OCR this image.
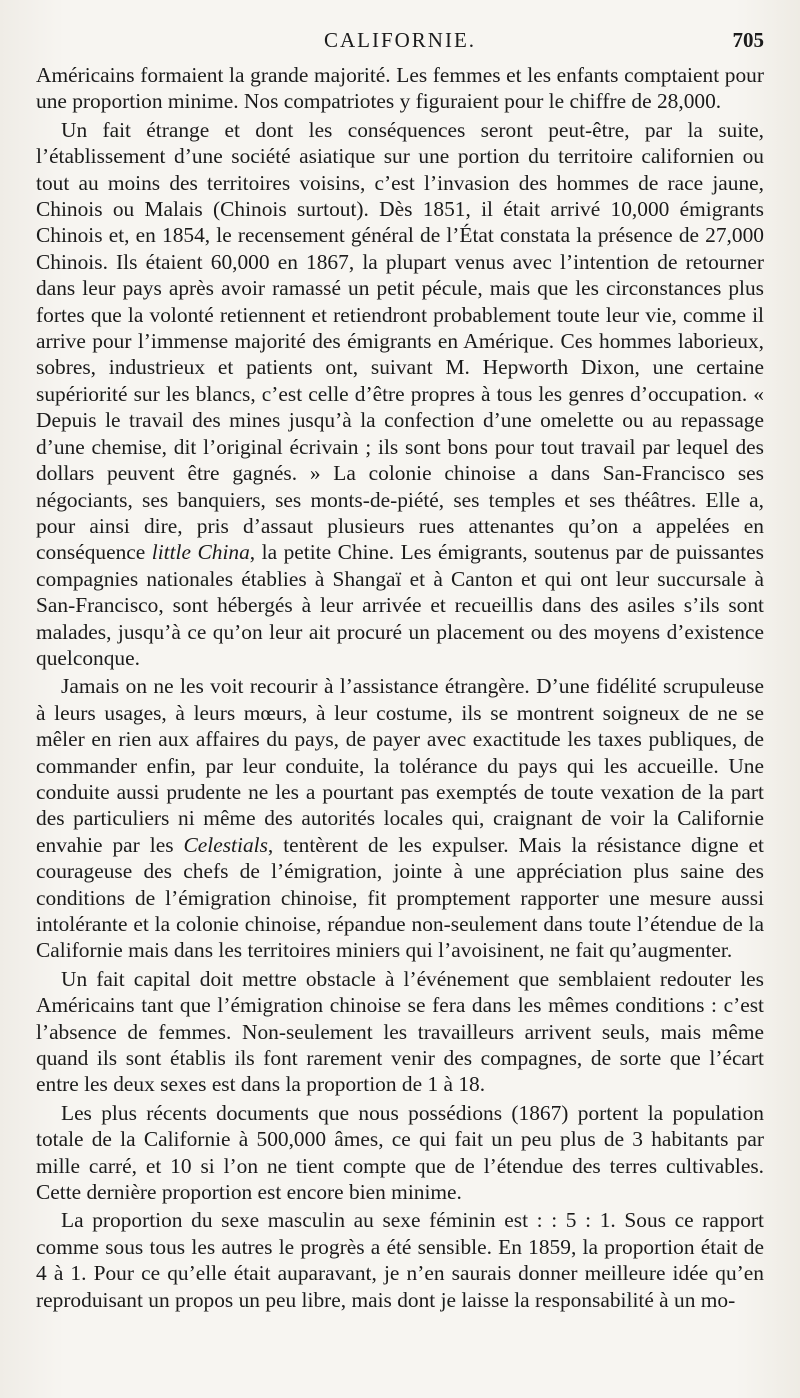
CALIFORNIE.	705

Américains formaient la grande majorité. Les femmes et les enfants comptaient pour une proportion minime. Nos compatriotes y figuraient pour le chiffre de 28,000.

Un fait étrange et dont les conséquences seront peut-être, par la suite, l’établissement d’une société asiatique sur une portion du territoire californien ou tout au moins des territoires voisins, c’est l’invasion des hommes de race jaune, Chinois ou Malais (Chinois surtout). Dès 1851, il était arrivé 10,000 émigrants Chinois et, en 1854, le recensement général de l’État constata la présence de 27,000 Chinois. Ils étaient 60,000 en 1867, la plupart venus avec l’intention de retourner dans leur pays après avoir ramassé un petit pécule, mais que les circonstances plus fortes que la volonté retiennent et retiendront probablement toute leur vie, comme il arrive pour l’immense majorité des émigrants en Amérique. Ces hommes laborieux, sobres, industrieux et patients ont, suivant M. Hepworth Dixon, une certaine supériorité sur les blancs, c’est celle d’être propres à tous les genres d’occupation. « Depuis le travail des mines jusqu’à la confection d’une omelette ou au repassage d’une chemise, dit l’original écrivain ; ils sont bons pour tout travail par lequel des dollars peuvent être gagnés. » La colonie chinoise a dans San-Francisco ses négociants, ses banquiers, ses monts-de-piété, ses temples et ses théâtres. Elle a, pour ainsi dire, pris d’assaut plusieurs rues attenantes qu’on a appelées en conséquence little China, la petite Chine. Les émigrants, soutenus par de puissantes compagnies nationales établies à Shangaï et à Canton et qui ont leur succursale à San-Francisco, sont hébergés à leur arrivée et recueillis dans des asiles s’ils sont malades, jusqu’à ce qu’on leur ait procuré un placement ou des moyens d’existence quelconque.

Jamais on ne les voit recourir à l’assistance étrangère. D’une fidélité scrupuleuse à leurs usages, à leurs mœurs, à leur costume, ils se montrent soigneux de ne se mêler en rien aux affaires du pays, de payer avec exactitude les taxes publiques, de commander enfin, par leur conduite, la tolérance du pays qui les accueille. Une conduite aussi prudente ne les a pourtant pas exemptés de toute vexation de la part des particuliers ni même des autorités locales qui, craignant de voir la Californie envahie par les Celestials, tentèrent de les expulser. Mais la résistance digne et courageuse des chefs de l’émigration, jointe à une appréciation plus saine des conditions de l’émigration chinoise, fit promptement rapporter une mesure aussi intolérante et la colonie chinoise, répandue non-seulement dans toute l’étendue de la Californie mais dans les territoires miniers qui l’avoisinent, ne fait qu’augmenter.

Un fait capital doit mettre obstacle à l’événement que semblaient redouter les Américains tant que l’émigration chinoise se fera dans les mêmes conditions : c’est l’absence de femmes. Non-seulement les travailleurs arrivent seuls, mais même quand ils sont établis ils font rarement venir des compagnes, de sorte que l’écart entre les deux sexes est dans la proportion de 1 à 18.

Les plus récents documents que nous possédions (1867) portent la population totale de la Californie à 500,000 âmes, ce qui fait un peu plus de 3 habitants par mille carré, et 10 si l’on ne tient compte que de l’étendue des terres cultivables. Cette dernière proportion est encore bien minime.

La proportion du sexe masculin au sexe féminin est : : 5 : 1. Sous ce rapport comme sous tous les autres le progrès a été sensible. En 1859, la proportion était de 4 à 1. Pour ce qu’elle était auparavant, je n’en saurais donner meilleure idée qu’en reproduisant un propos un peu libre, mais dont je laisse la responsabilité à un mo-
